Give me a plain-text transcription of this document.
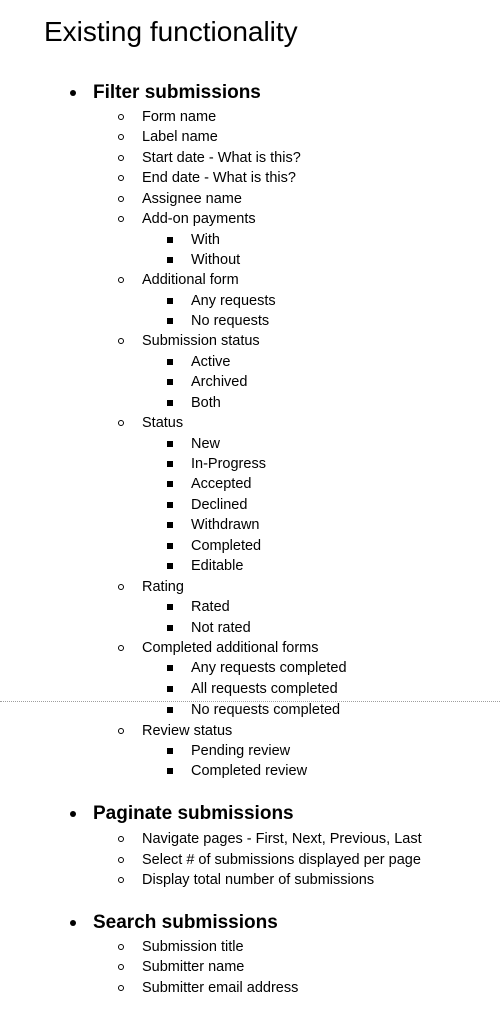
Existing functionality
Filter submissions
Form name
Label name
Start date - What is this?
End date - What is this?
Assignee name
Add-on payments
With
Without
Additional form
Any requests
No requests
Submission status
Active
Archived
Both
Status
New
In-Progress
Accepted
Declined
Withdrawn
Completed
Editable
Rating
Rated
Not rated
Completed additional forms
Any requests completed
All requests completed
No requests completed
Review status
Pending review
Completed review
Paginate submissions
Navigate pages - First, Next, Previous, Last
Select # of submissions displayed per page
Display total number of submissions
Search submissions
Submission title
Submitter name
Submitter email address
